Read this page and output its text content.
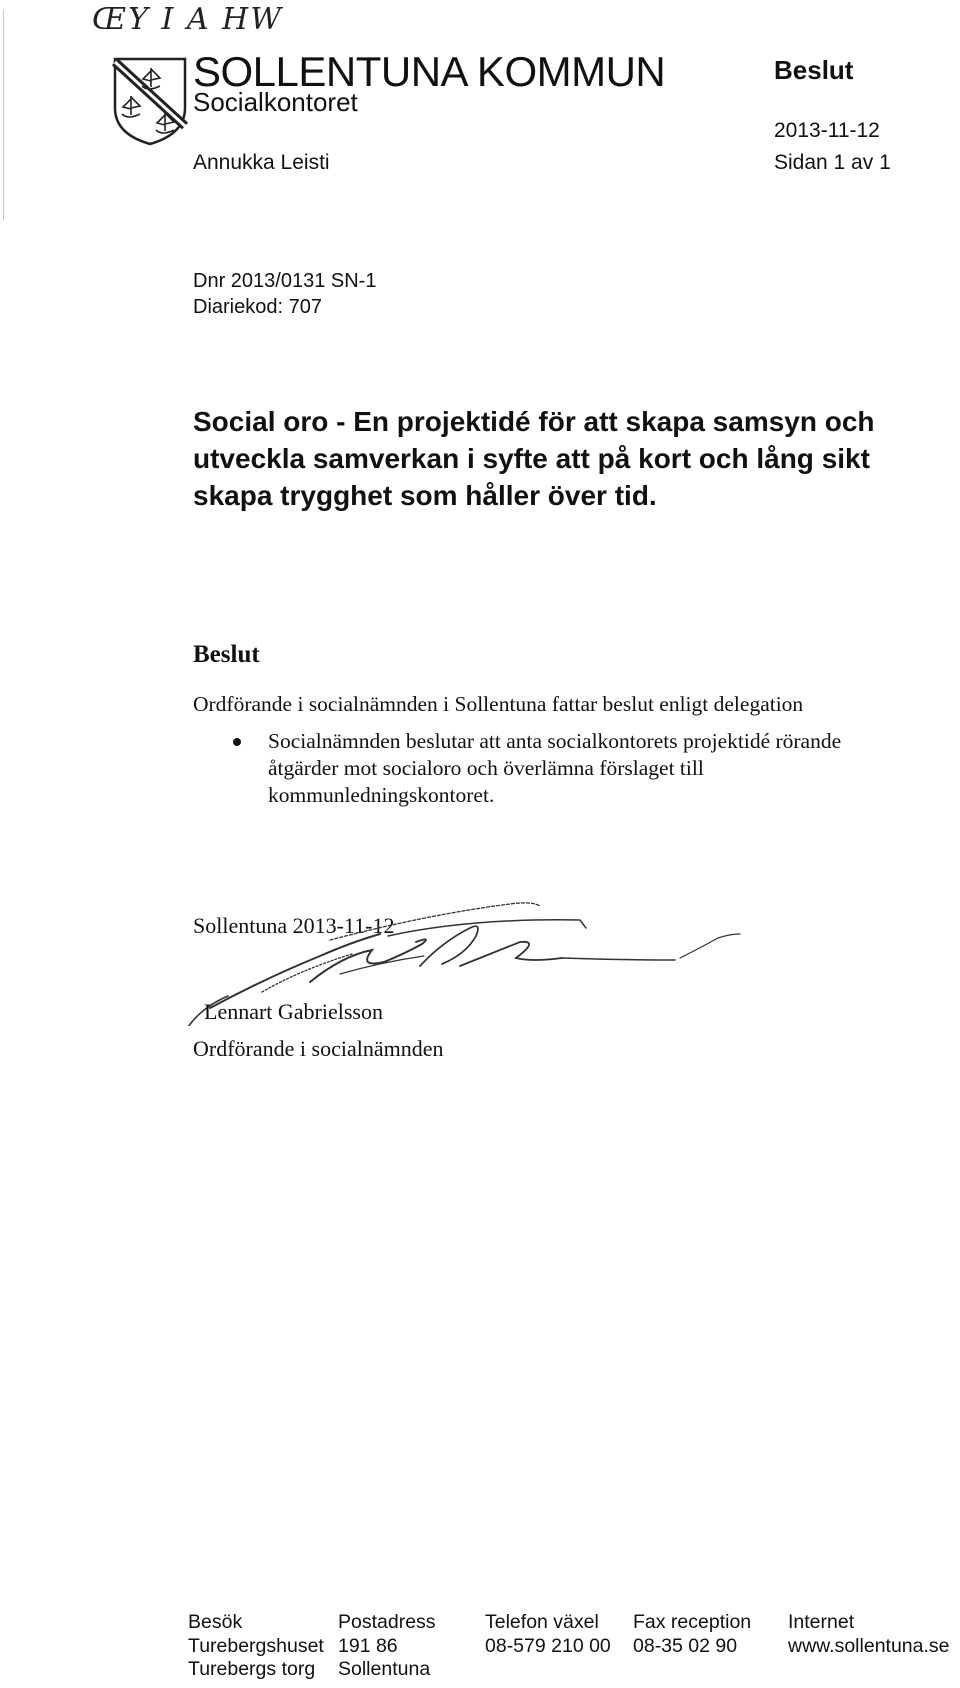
ŒY I A HW
SOLLENTUNA KOMMUN
Socialkontoret
Beslut
2013-11-12
Annukka Leisti	Sidan 1 av 1
Dnr 2013/0131 SN-1
Diariekod: 707
Social oro - En projektidé för att skapa samsyn och utveckla samverkan i syfte att på kort och lång sikt skapa trygghet som håller över tid.
Beslut
Ordförande i socialnämnden i Sollentuna fattar beslut enligt delegation
Socialnämnden beslutar att anta socialkontorets projektidé rörande åtgärder mot socialoro och överlämna förslaget till kommunledningskontoret.
Sollentuna 2013-11-12
Lennart Gabrielsson
Ordförande i socialnämnden
Besök
Turebergshuset
Turebergs torg
Postadress
191 86
Sollentuna
Telefon växel
08-579 210 00
Fax reception
08-35 02 90
Internet
www.sollentuna.se
